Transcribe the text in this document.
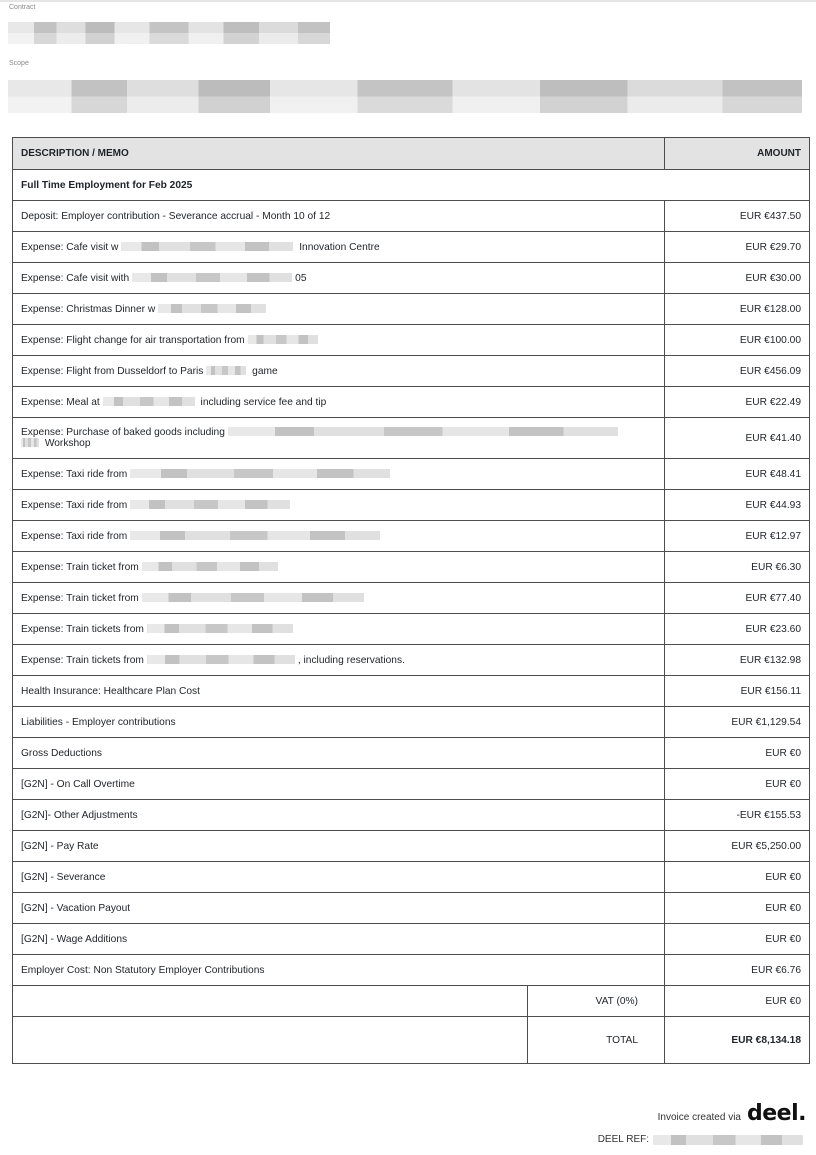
Contract
Scope
DESCRIPTION / MEMO		AMOUNT
Full Time Employment for Feb 2025		
Deposit: Employer contribution - Severance accrual - Month 10 of 12		EUR €437.50
Expense: Cafe visit w Innovation Centre		EUR €29.70
Expense: Cafe visit with 05		EUR €30.00
Expense: Christmas Dinner w		EUR €128.00
Expense: Flight change for air transportation from		EUR €100.00
Expense: Flight from Dusseldorf to Paris game		EUR €456.09
Expense: Meal at including service fee and tip		EUR €22.49
Expense: Purchase of baked goods including
Workshop		EUR €41.40
Expense: Taxi ride from		EUR €48.41
Expense: Taxi ride from		EUR €44.93
Expense: Taxi ride from		EUR €12.97
Expense: Train ticket from		EUR €6.30
Expense: Train ticket from		EUR €77.40
Expense: Train tickets from		EUR €23.60
Expense: Train tickets from , including reservations.		EUR €132.98
Health Insurance: Healthcare Plan Cost		EUR €156.11
Liabilities - Employer contributions		EUR €1,129.54
Gross Deductions		EUR €0
[G2N] - On Call Overtime		EUR €0
[G2N]- Other Adjustments		-EUR €155.53
[G2N] - Pay Rate		EUR €5,250.00
[G2N] - Severance		EUR €0
[G2N] - Vacation Payout		EUR €0
[G2N] - Wage Additions		EUR €0
Employer Cost: Non Statutory Employer Contributions		EUR €6.76
	VAT (0%)	EUR €0
	TOTAL	EUR €8,134.18
Invoice created via deel.
DEEL REF:
